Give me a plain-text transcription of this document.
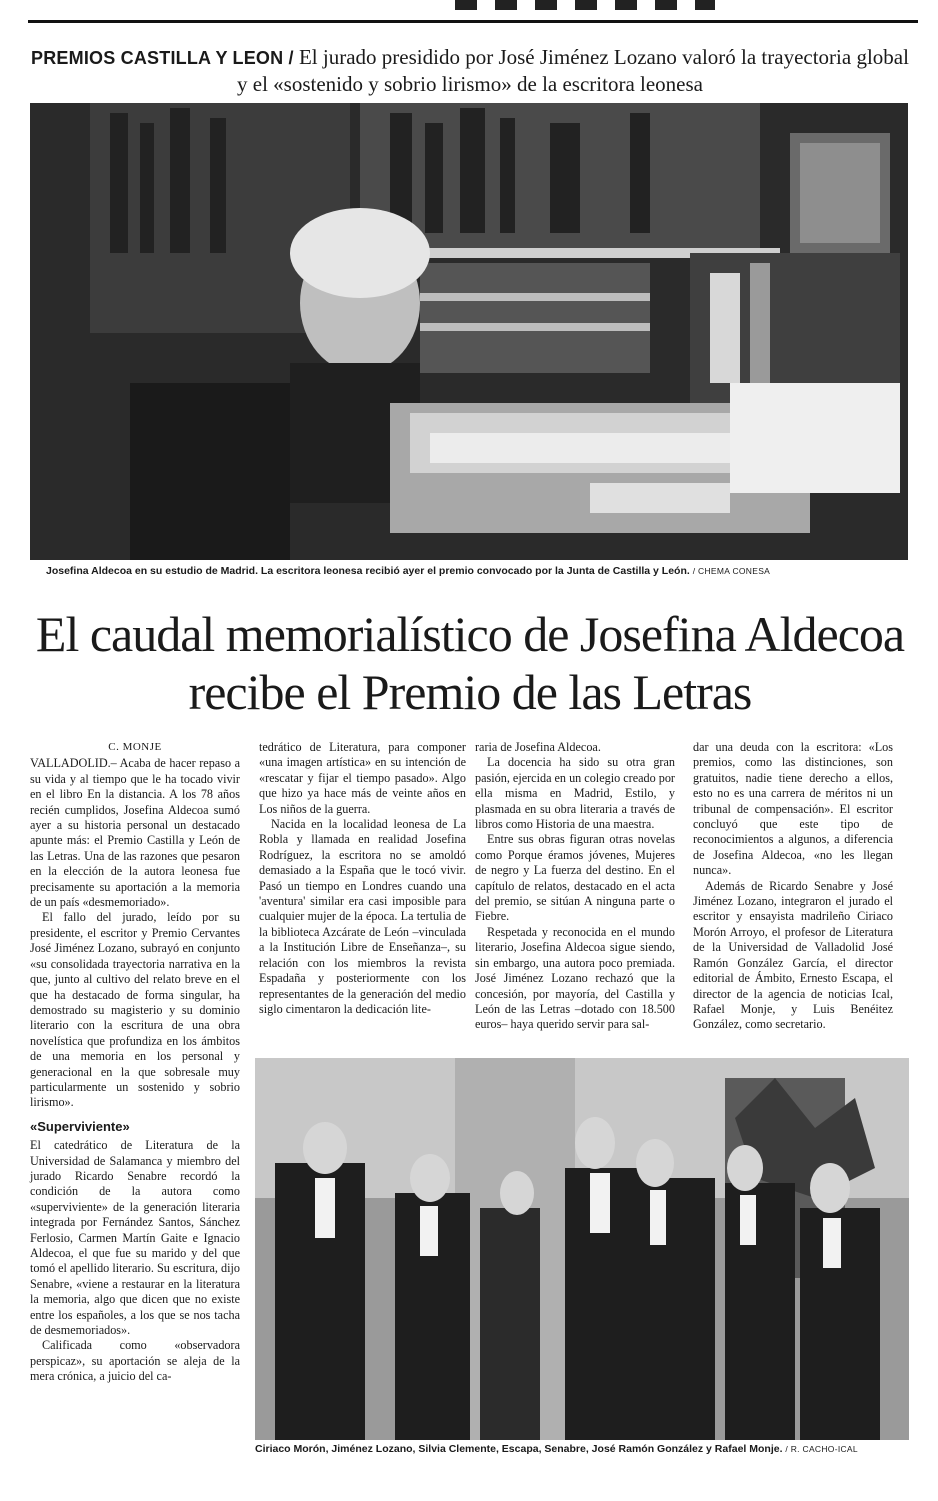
PREMIOS CASTILLA Y LEON / El jurado presidido por José Jiménez Lozano valoró la trayectoria global y el «sostenido y sobrio lirismo» de la escritora leonesa
Josefina Aldecoa en su estudio de Madrid. La escritora leonesa recibió ayer el premio convocado por la Junta de Castilla y León. / CHEMA CONESA
El caudal memorialístico de Josefina Aldecoa recibe el Premio de las Letras
C. MONJE

VALLADOLID.– Acaba de hacer repaso a su vida y al tiempo que le ha tocado vivir en el libro En la distancia. A los 78 años recién cumplidos, Josefina Aldecoa sumó ayer a su historia personal un destacado apunte más: el Premio Castilla y León de las Letras. Una de las razones que pesaron en la elección de la autora leonesa fue precisamente su aportación a la memoria de un país «desmemoriado».

El fallo del jurado, leído por su presidente, el escritor y Premio Cervantes José Jiménez Lozano, subrayó en conjunto «su consolidada trayectoria narrativa en la que, junto al cultivo del relato breve en el que ha destacado de forma singular, ha demostrado su magisterio y su dominio literario con la escritura de una obra novelística que profundiza en los ámbitos de una memoria en los personal y generacional en la que sobresale muy particularmente un sostenido y sobrio lirismo».

«Superviviente»

El catedrático de Literatura de la Universidad de Salamanca y miembro del jurado Ricardo Senabre recordó la condición de la autora como «superviviente» de la generación literaria integrada por Fernández Santos, Sánchez Ferlosio, Carmen Martín Gaite e Ignacio Aldecoa, el que fue su marido y del que tomó el apellido literario. Su escritura, dijo Senabre, «viene a restaurar en la literatura la memoria, algo que dicen que no existe entre los españoles, a los que se nos tacha de desmemoriados».

Calificada como «observadora perspicaz», su aportación se aleja de la mera crónica, a juicio del ca-

tedrático de Literatura, para componer «una imagen artística» en su intención de «rescatar y fijar el tiempo pasado». Algo que hizo ya hace más de veinte años en Los niños de la guerra.

Nacida en la localidad leonesa de La Robla y llamada en realidad Josefina Rodríguez, la escritora no se amoldó demasiado a la España que le tocó vivir. Pasó un tiempo en Londres cuando una 'aventura' similar era casi imposible para cualquier mujer de la época. La tertulia de la biblioteca Azcárate de León –vinculada a la Institución Libre de Enseñanza–, su relación con los miembros la revista Espadaña y posteriormente con los representantes de la generación del medio siglo cimentaron la dedicación lite-

raria de Josefina Aldecoa.

La docencia ha sido su otra gran pasión, ejercida en un colegio creado por ella misma en Madrid, Estilo, y plasmada en su obra literaria a través de libros como Historia de una maestra.

Entre sus obras figuran otras novelas como Porque éramos jóvenes, Mujeres de negro y La fuerza del destino. En el capítulo de relatos, destacado en el acta del premio, se sitúan A ninguna parte o Fiebre.

Respetada y reconocida en el mundo literario, Josefina Aldecoa sigue siendo, sin embargo, una autora poco premiada. José Jiménez Lozano rechazó que la concesión, por mayoría, del Castilla y León de las Letras –dotado con 18.500 euros– haya querido servir para sal-

dar una deuda con la escritora: «Los premios, como las distinciones, son gratuitos, nadie tiene derecho a ellos, esto no es una carrera de méritos ni un tribunal de compensación». El escritor concluyó que este tipo de reconocimientos a algunos, a diferencia de Josefina Aldecoa, «no les llegan nunca».

Además de Ricardo Senabre y José Jiménez Lozano, integraron el jurado el escritor y ensayista madrileño Ciriaco Morón Arroyo, el profesor de Literatura de la Universidad de Valladolid José Ramón González García, el director editorial de Ámbito, Ernesto Escapa, el director de la agencia de noticias Ical, Rafael Monje, y Luis Benéitez González, como secretario.

Ciriaco Morón, Jiménez Lozano, Silvia Clemente, Escapa, Senabre, José Ramón González y Rafael Monje. / R. CACHO-ICAL
